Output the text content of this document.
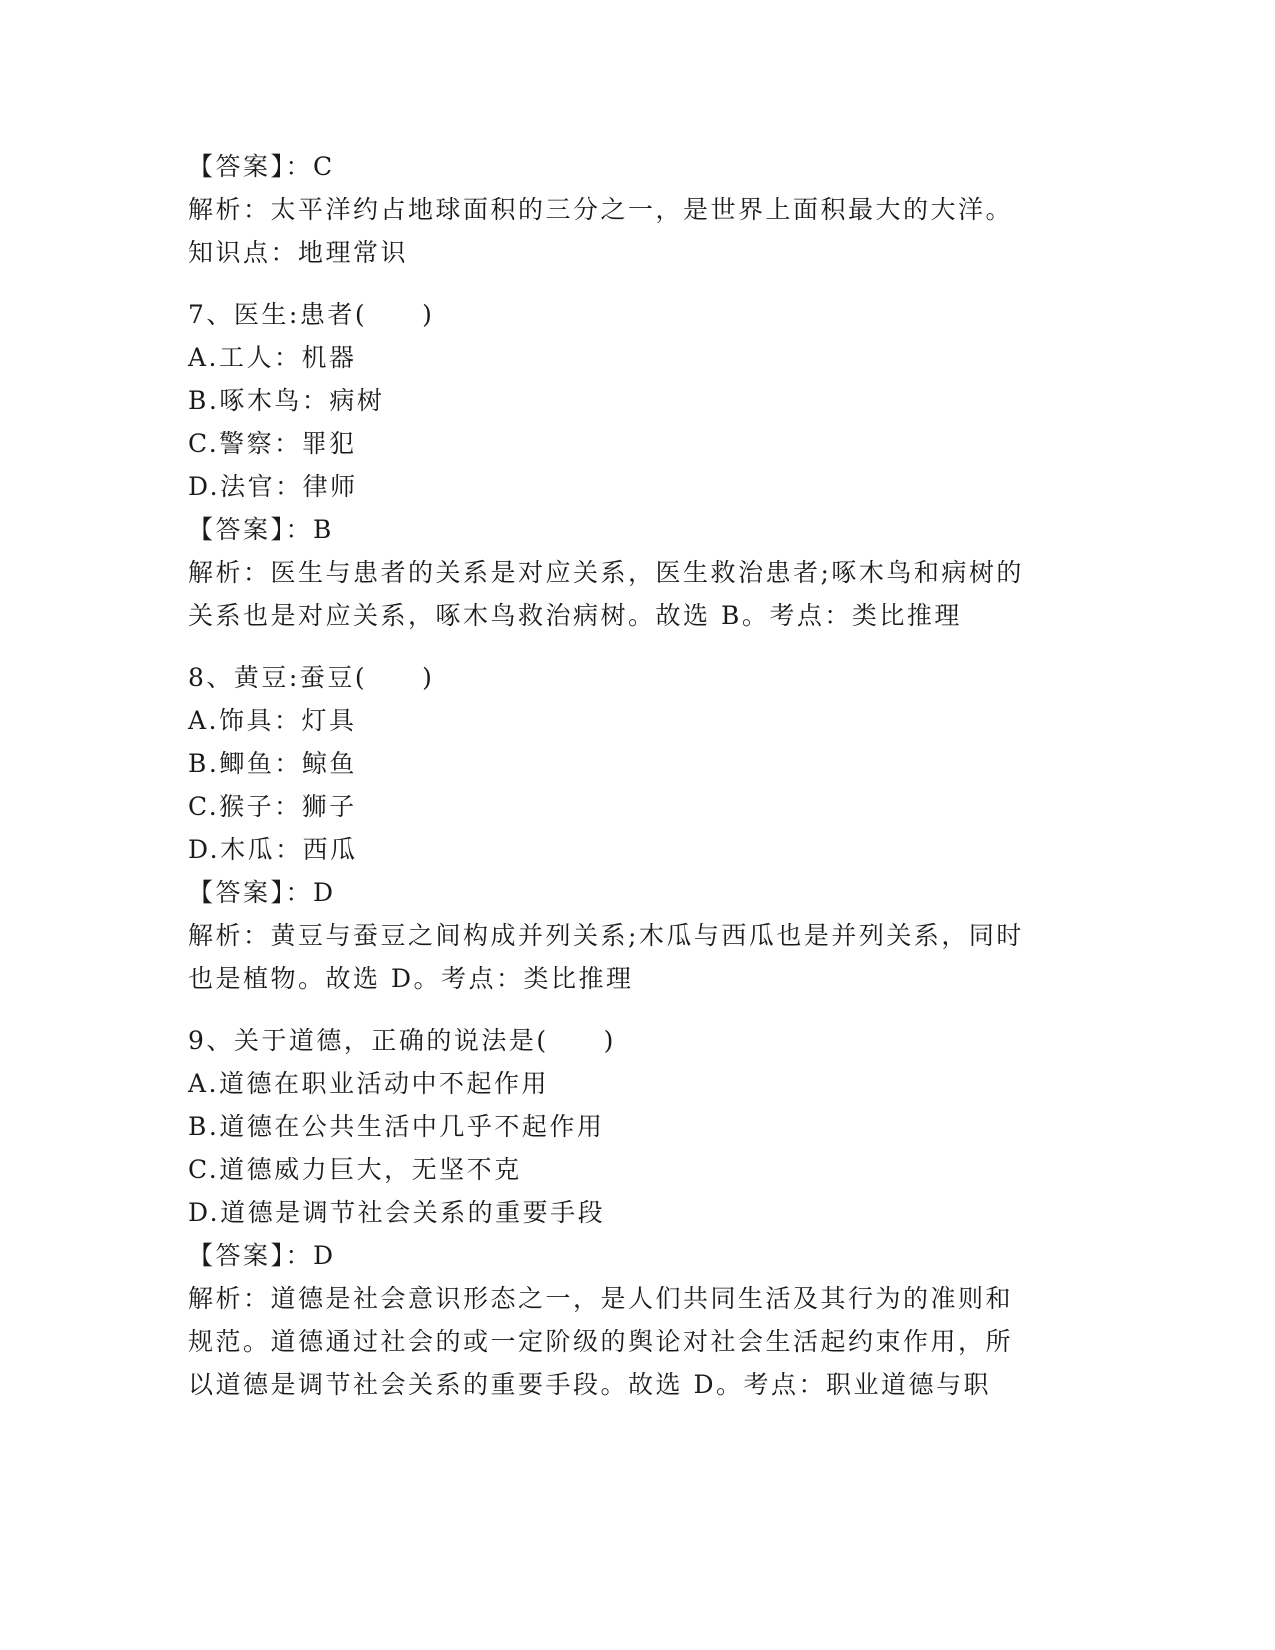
【答案】：C
解析：太平洋约占地球面积的三分之一，是世界上面积最大的大洋。
知识点：地理常识
7、医生:患者(　　)
A.工人：机器
B.啄木鸟：病树
C.警察：罪犯
D.法官：律师
【答案】：B
解析：医生与患者的关系是对应关系，医生救治患者;啄木鸟和病树的
关系也是对应关系，啄木鸟救治病树。故选 B。考点：类比推理
8、黄豆:蚕豆(　　)
A.饰具：灯具
B.鲫鱼：鲸鱼
C.猴子：狮子
D.木瓜：西瓜
【答案】：D
解析：黄豆与蚕豆之间构成并列关系;木瓜与西瓜也是并列关系，同时
也是植物。故选 D。考点：类比推理
9、关于道德，正确的说法是(　　)
A.道德在职业活动中不起作用
B.道德在公共生活中几乎不起作用
C.道德威力巨大，无坚不克
D.道德是调节社会关系的重要手段
【答案】：D
解析：道德是社会意识形态之一，是人们共同生活及其行为的准则和
规范。道德通过社会的或一定阶级的舆论对社会生活起约束作用，所
以道德是调节社会关系的重要手段。故选 D。考点：职业道德与职
